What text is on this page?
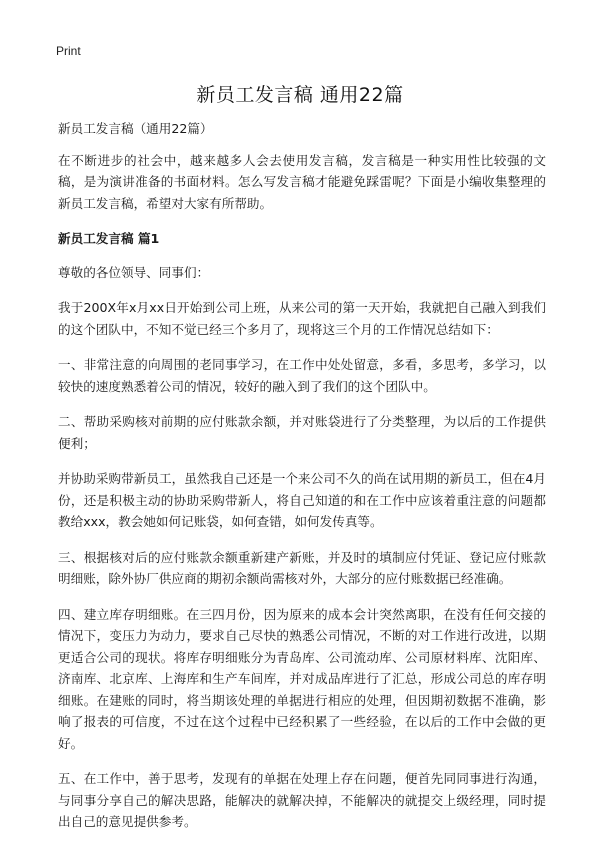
Print
新员工发言稿 通用22篇

新员工发言稿（通用22篇）

在不断进步的社会中，越来越多人会去使用发言稿，发言稿是一种实用性比较强的文稿，是为演讲准备的书面材料。怎么写发言稿才能避免踩雷呢？下面是小编收集整理的新员工发言稿，希望对大家有所帮助。

新员工发言稿 篇1

尊敬的各位领导、同事们：

我于200X年x月xx日开始到公司上班，从来公司的第一天开始，我就把自己融入到我们的这个团队中，不知不觉已经三个多月了，现将这三个月的工作情况总结如下：

一、非常注意的向周围的老同事学习，在工作中处处留意，多看，多思考，多学习，以较快的速度熟悉着公司的情况，较好的融入到了我们的这个团队中。

二、帮助采购核对前期的应付账款余额，并对账袋进行了分类整理，为以后的工作提供便利；

并协助采购带新员工，虽然我自己还是一个来公司不久的尚在试用期的新员工，但在4月份，还是积极主动的协助采购带新人，将自己知道的和在工作中应该着重注意的问题都教给xxx，教会她如何记账袋，如何查错，如何发传真等。

三、根据核对后的应付账款余额重新建产新账，并及时的填制应付凭证、登记应付账款明细账，除外协厂供应商的期初余额尚需核对外，大部分的应付账数据已经准确。

四、建立库存明细账。在三四月份，因为原来的成本会计突然离职，在没有任何交接的情况下，变压力为动力，要求自己尽快的熟悉公司情况，不断的对工作进行改进，以期更适合公司的现状。将库存明细账分为青岛库、公司流动库、公司原材料库、沈阳库、济南库、北京库、上海库和生产车间库，并对成品库进行了汇总，形成公司总的库存明细账。在建账的同时，将当期该处理的单据进行相应的处理，但因期初数据不准确，影响了报表的可信度，不过在这个过程中已经积累了一些经验，在以后的工作中会做的更好。

五、在工作中，善于思考，发现有的单据在处理上存在问题，便首先同同事进行沟通，与同事分享自己的解决思路，能解决的就解决掉，不能解决的就提交上级经理，同时提出自己的意见提供参考。
